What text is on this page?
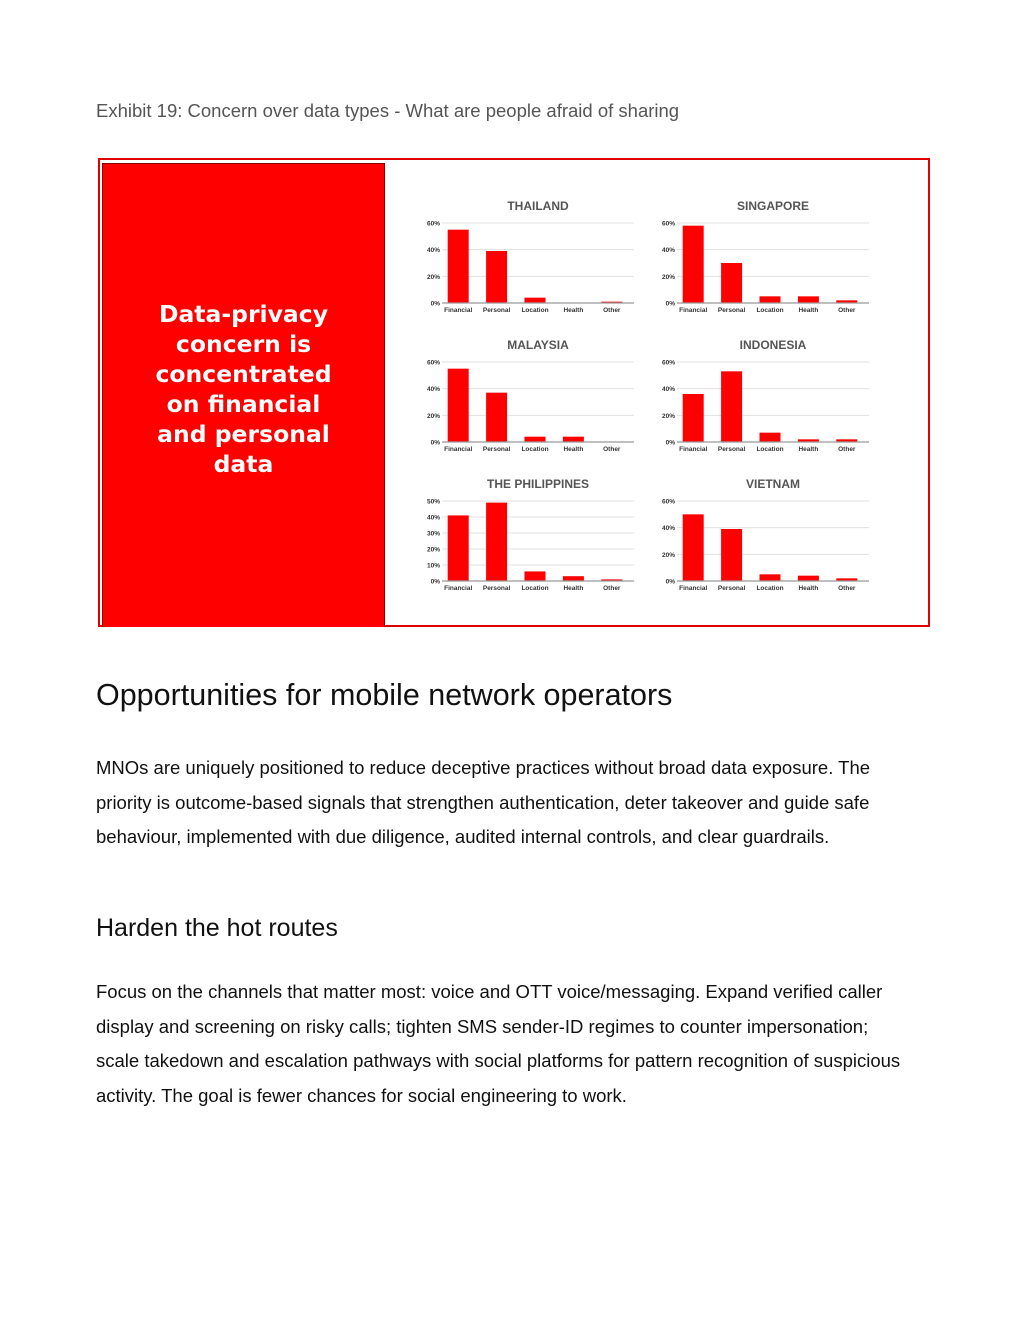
Exhibit 19: Concern over data types - What are people afraid of sharing
Data-privacy concern is concentrated on financial and personal data
THAILAND
0%
20%
40%
60%
Financial Personal Location Health	Other
SINGAPORE
0%
20%
40%
60%
Financial Personal Location Health	Other
MALAYSIA
0%
20%
40%
60%
Financial Personal Location Health	Other
INDONESIA
0%
20%
40%
60%
Financial Personal Location Health	Other
THE PHILIPPINES
0%
10%
20%
30%
40%
50%
Financial Personal Location Health	Other
VIETNAM
0%
20%
40%
60%
Financial Personal Location Health	Other
Opportunities for mobile network operators

MNOs are uniquely positioned to reduce deceptive practices without broad data exposure. The priority is outcome-based signals that strengthen authentication, deter takeover and guide safe behaviour, implemented with due diligence, audited internal controls, and clear guardrails.

Harden the hot routes

Focus on the channels that matter most: voice and OTT voice/messaging. Expand verified caller display and screening on risky calls; tighten SMS sender-ID regimes to counter impersonation; scale takedown and escalation pathways with social platforms for pattern recognition of suspicious activity. The goal is fewer chances for social engineering to work.
